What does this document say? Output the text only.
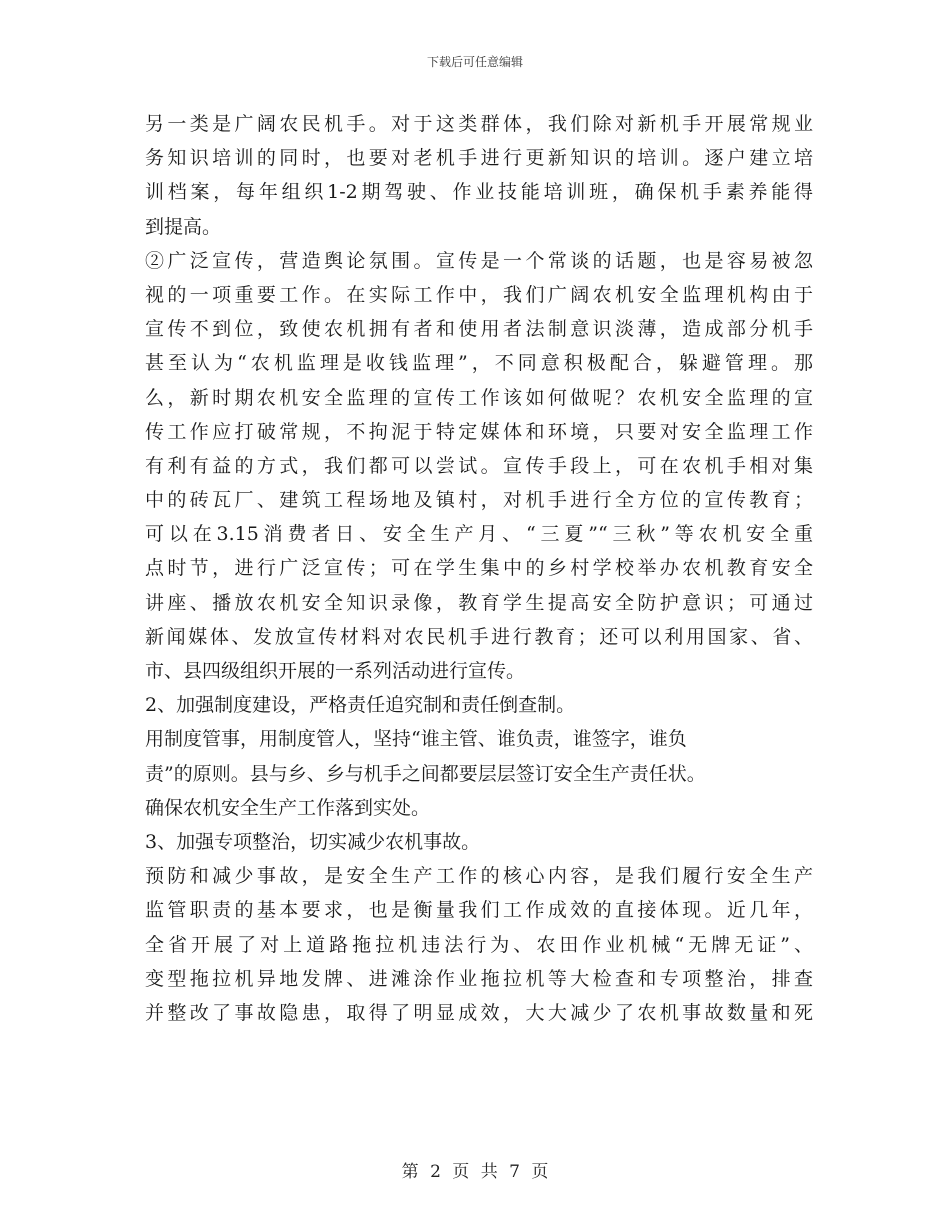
下载后可任意编辑
另一类是广阔农民机手。对于这类群体，我们除对新机手开展常规业
务知识培训的同时，也要对老机手进行更新知识的培训。逐户建立培
训档案，每年组织1-2期驾驶、作业技能培训班，确保机手素养能得
到提高。
②广泛宣传，营造舆论氛围。宣传是一个常谈的话题，也是容易被忽
视的一项重要工作。在实际工作中，我们广阔农机安全监理机构由于
宣传不到位，致使农机拥有者和使用者法制意识淡薄，造成部分机手
甚至认为“农机监理是收钱监理”，不同意积极配合，躲避管理。那
么，新时期农机安全监理的宣传工作该如何做呢？农机安全监理的宣
传工作应打破常规，不拘泥于特定媒体和环境，只要对安全监理工作
有利有益的方式，我们都可以尝试。宣传手段上，可在农机手相对集
中的砖瓦厂、建筑工程场地及镇村，对机手进行全方位的宣传教育；
可以在3.15消费者日、安全生产月、“三夏”“三秋”等农机安全重
点时节，进行广泛宣传；可在学生集中的乡村学校举办农机教育安全
讲座、播放农机安全知识录像，教育学生提高安全防护意识；可通过
新闻媒体、发放宣传材料对农民机手进行教育；还可以利用国家、省、
市、县四级组织开展的一系列活动进行宣传。
2、加强制度建设，严格责任追究制和责任倒查制。
用制度管事，用制度管人，坚持“谁主管、谁负责，谁签字，谁负
责”的原则。县与乡、乡与机手之间都要层层签订安全生产责任状。
确保农机安全生产工作落到实处。
3、加强专项整治，切实减少农机事故。
预防和减少事故，是安全生产工作的核心内容，是我们履行安全生产
监管职责的基本要求，也是衡量我们工作成效的直接体现。近几年，
全省开展了对上道路拖拉机违法行为、农田作业机械“无牌无证”、
变型拖拉机异地发牌、进滩涂作业拖拉机等大检查和专项整治，排查
并整改了事故隐患，取得了明显成效，大大减少了农机事故数量和死
第 2 页 共 7 页
